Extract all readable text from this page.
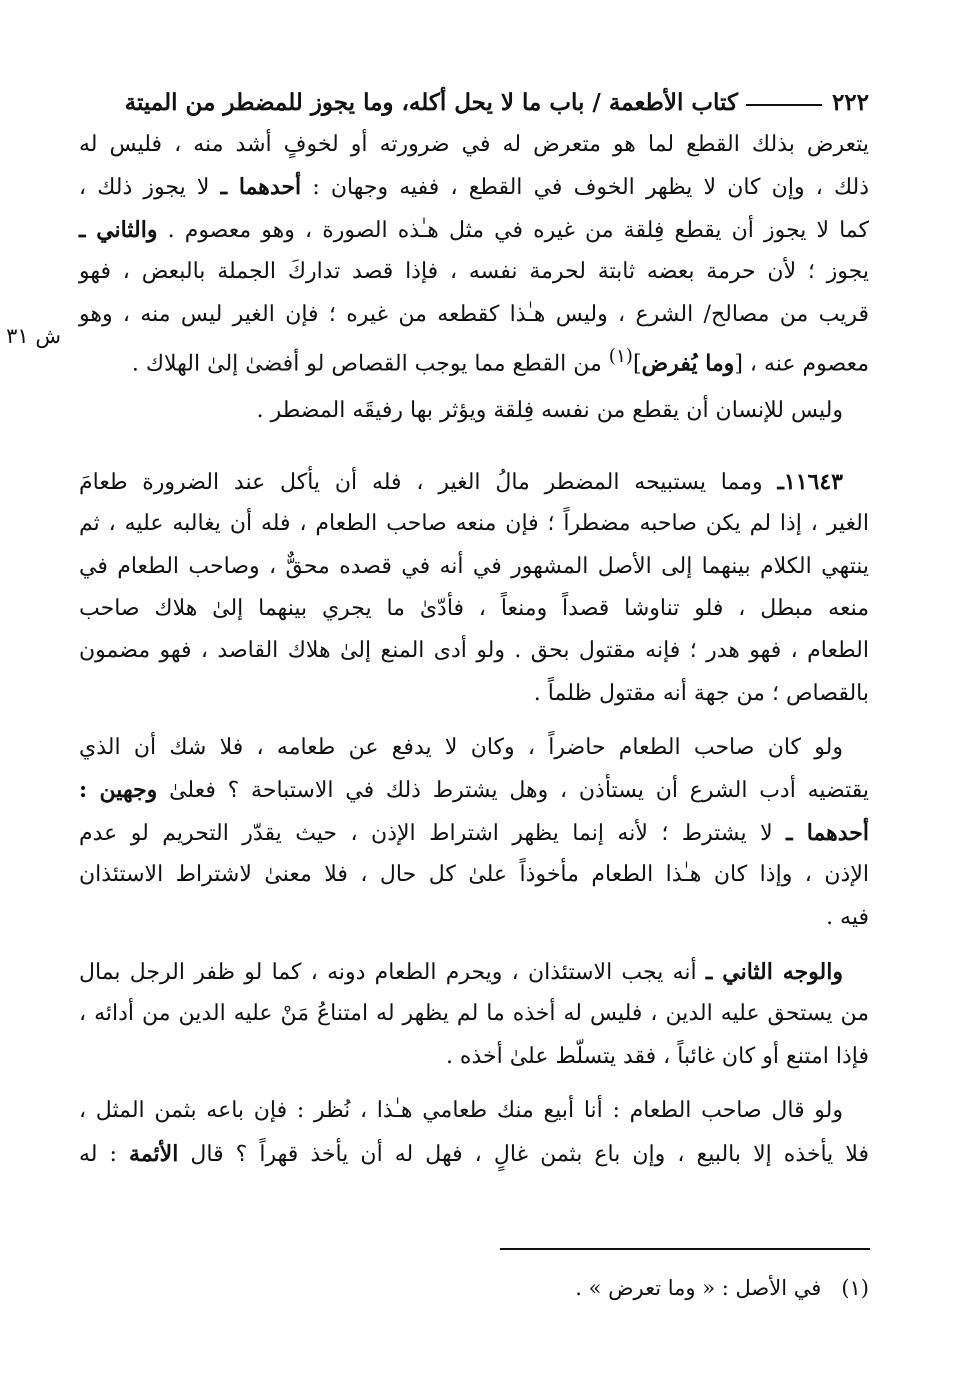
٢٢٢
كتاب الأطعمة / باب ما لا يحل أكله، وما يجوز للمضطر من الميتة
ش ٣١
يتعرض بذلك القطع لما هو متعرض له في ضرورته أو لخوفٍ أشد منه ، فليس له
ذلك ، وإن كان لا يظهر الخوف في القطع ، ففيه وجهان : أحدهما ـ لا يجوز ذلك ،
كما لا يجوز أن يقطع فِلقة من غيره في مثل هـٰذه الصورة ، وهو معصوم . والثاني ـ
يجوز ؛ لأن حرمة بعضه ثابتة لحرمة نفسه ، فإذا قصد تداركَ الجملة بالبعض ، فهو
قريب من مصالح/ الشرع ، وليس هـٰذا كقطعه من غيره ؛ فإن الغير ليس منه ، وهو
معصوم عنه ، [وما يُفرض]$^{(١)}$ من القطع مما يوجب القصاص لو أفضىٰ إلىٰ الهلاك .
وليس للإنسان أن يقطع من نفسه فِلقة ويؤثر بها رفيقَه المضطر .
١١٦٤٣ـ ومما يستبيحه المضطر مالُ الغير ، فله أن يأكل عند الضرورة طعامَ
الغير ، إذا لم يكن صاحبه مضطراً ؛ فإن منعه صاحب الطعام ، فله أن يغالبه عليه ، ثم
ينتهي الكلام بينهما إلى الأصل المشهور في أنه في قصده محقٌّ ، وصاحب الطعام في
منعه مبطل ، فلو تناوشا قصداً ومنعاً ، فأدّىٰ ما يجري بينهما إلىٰ هلاك صاحب
الطعام ، فهو هدر ؛ فإنه مقتول بحق . ولو أدى المنع إلىٰ هلاك القاصد ، فهو مضمون
بالقصاص ؛ من جهة أنه مقتول ظلماً .
ولو كان صاحب الطعام حاضراً ، وكان لا يدفع عن طعامه ، فلا شك أن الذي
يقتضيه أدب الشرع أن يستأذن ، وهل يشترط ذلك في الاستباحة ؟ فعلىٰ وجهين :
أحدهما ـ لا يشترط ؛ لأنه إنما يظهر اشتراط الإذن ، حيث يقدّر التحريم لو عدم
الإذن ، وإذا كان هـٰذا الطعام مأخوذاً علىٰ كل حال ، فلا معنىٰ لاشتراط الاستئذان
فيه .
والوجه الثاني ـ أنه يجب الاستئذان ، ويحرم الطعام دونه ، كما لو ظفر الرجل بمال
من يستحق عليه الدين ، فليس له أخذه ما لم يظهر له امتناعُ مَنْ عليه الدين من أدائه ،
فإذا امتنع أو كان غائباً ، فقد يتسلّط علىٰ أخذه .
ولو قال صاحب الطعام : أنا أبيع منك طعامي هـٰذا ، نُظر : فإن باعه بثمن المثل ،
فلا يأخذه إلا بالبيع ، وإن باع بثمن غالٍ ، فهل له أن يأخذ قهراً ؟ قال الأئمة : له
(١)   في الأصل : « وما تعرض » .
